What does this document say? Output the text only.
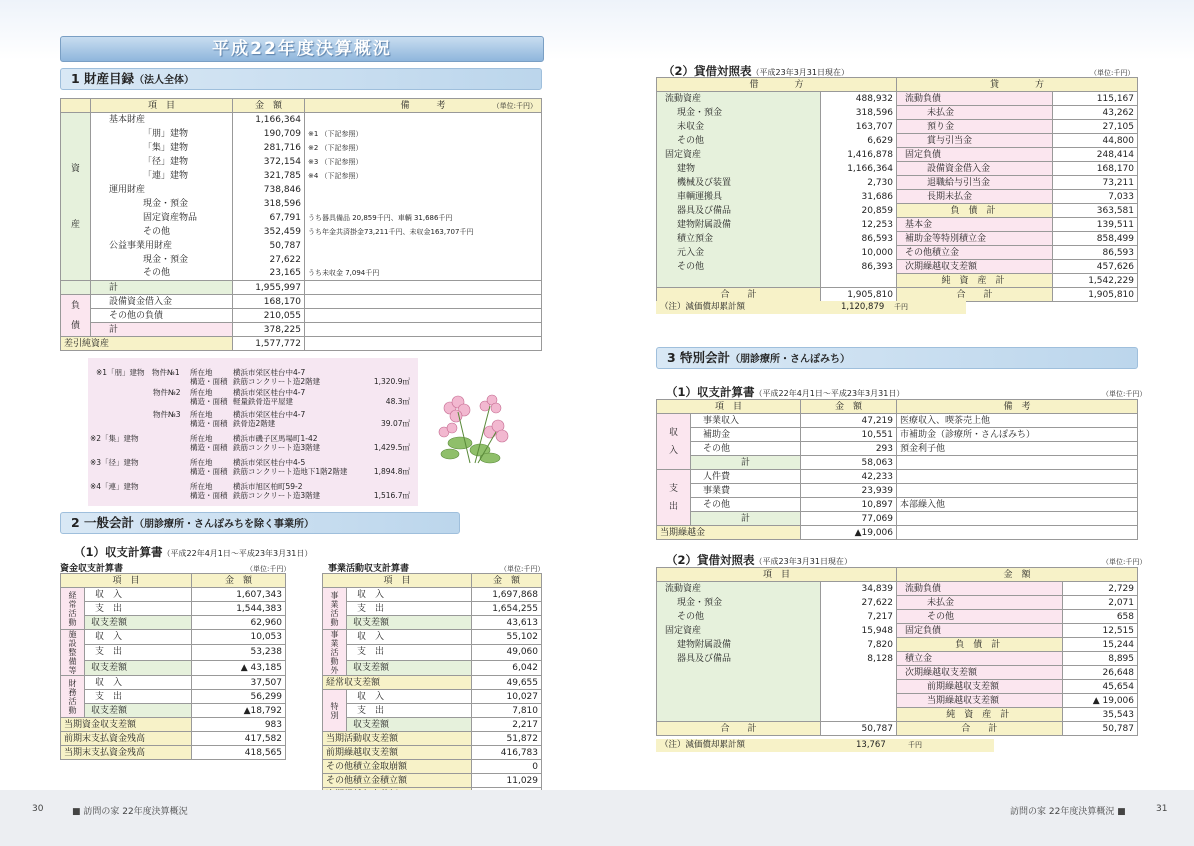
平成22年度決算概況
1 財産目録（法人全体）
	項　目	金　額	備　　　考 （単位:千円）

資

産	基本財産	1,166,364	
	「朋」建物	190,709	※1 （下記参照）
	「集」建物	281,716	※2 （下記参照）
	「径」建物	372,154	※3 （下記参照）
	「連」建物	321,785	※4 （下記参照）
	運用財産	738,846	
	現金・預金	318,596	
	固定資産物品	67,791	うち器具備品 20,859千円、車輌 31,686千円
	その他	352,459	うち年金共済掛金73,211千円、未収金163,707千円
	公益事業用財産	50,787	
	現金・預金	27,622	
	その他	23,165	うち未収金 7,094千円
	計	1,955,997	
負
債	設備資金借入金	168,170	
	その他の負債	210,055	
	計	378,225	
差引純資産		1,577,772	
※1「朋」建物　物件№1 所在地
構造・面積
横浜市栄区桂台中4-7
鉄筋コンクリート造2階建	1,320.9㎡
物件№2 所在地
構造・面積
横浜市栄区桂台中4-7
軽量鉄骨造平屋建	48.3㎡
物件№3 所在地
構造・面積
横浜市栄区桂台中4-7
鉄骨造2階建	39.07㎡
※2「集」建物	所在地
構造・面積
横浜市磯子区馬場町1-42
鉄筋コンクリート造3階建	1,429.5㎡
※3「径」建物	所在地
構造・面積
横浜市栄区桂台中4-5
鉄筋コンクリート造地下1階2階建	1,894.8㎡
※4「連」建物	所在地
構造・面積
横浜市旭区柏町59-2
鉄筋コンクリート造3階建	1,516.7㎡
2 一般会計（朋診療所・さんぽみちを除く事業所）
（1）収支計算書（平成22年4月1日～平成23年3月31日）
資金収支計算書	（単位:千円）
項　目		金　額
経常活動	収　入	1,607,343
	支　出	1,544,383
	収支差額	62,960
施設整備等	収　入	10,053
	支　出	53,238
	収支差額	▲ 43,185
財務活動	収　入	37,507
	支　出	56,299
	収支差額	▲18,792
当期資金収支差額		983
前期末支払資金残高		417,582
当期末支払資金残高		418,565
事業活動収支計算書	（単位:千円）
項　目		金　額
事業活動	収　入	1,697,868
	支　出	1,654,255
	収支差額	43,613
事業活動外	収　入	55,102
	支　出	49,060
	収支差額	6,042
経常収支差額		49,655
特別	収　入	10,027
	支　出	7,810
	収支差額	2,217
当期活動収支差額		51,872
前期繰越収支差額		416,783
その他積立金取崩額		0
その他積立金積立額		11,029

（2）貸借対照表（平成23年3月31日現在）	（単位:千円）
借　　　　方		貸　　　　方	
流動資産	488,932	流動負債	115,167
現金・預金	318,596	未払金	43,262
未収金	163,707	預り金	27,105
その他	6,629	賞与引当金	44,800
固定資産	1,416,878	固定負債	248,414
建物	1,166,364	設備資金借入金	168,170
機械及び装置	2,730	退職給与引当金	73,211
車輌運搬具	31,686	長期未払金	7,033
器具及び備品	20,859	負　債　計	363,581
建物附属設備	12,253	基本金	139,511
積立預金	86,593	補助金等特別積立金	858,499
元入金	10,000	その他積立金	86,593
その他	86,393	次期繰越収支差額	457,626
		純　資　産　計	1,542,229
合　　計	1,905,810	合　　計	1,905,810
（注）減価償却累計額	1,120,879 千円
3 特別会計（朋診療所・さんぽみち）
（1）収支計算書（平成22年4月1日～平成23年3月31日）	（単位:千円）
項　目		金　額	備　考
収
入	事業収入	47,219	医療収入、喫茶売上他
	補助金	10,551	市補助金（診療所・さんぽみち）
	その他	293	預金利子他
	計	58,063	
支
出	人件費	42,233	
	事業費	23,939	
	その他	10,897	本部繰入他
	計	77,069	
当期繰越金		▲19,006	
（2）貸借対照表（平成23年3月31日現在）	（単位:千円）
項　目		金　額	
流動資産	34,839	流動負債	2,729
現金・預金	27,622	未払金	2,071
その他	7,217	その他	658
固定資産	15,948	固定負債	12,515
建物附属設備	7,820	負　債　計	15,244
器具及び備品	8,128	積立金	8,895
		次期繰越収支差額	26,648
		前期繰越収支差額	45,654
		当期繰越収支差額	▲ 19,006
		純　資　産　計	35,543
合　　計	50,787	合　　計	50,787
（注）減価償却累計額	13,767	千円
30	■ 訪問の家 22年度決算概況	訪問の家 22年度決算概況 ■	31
